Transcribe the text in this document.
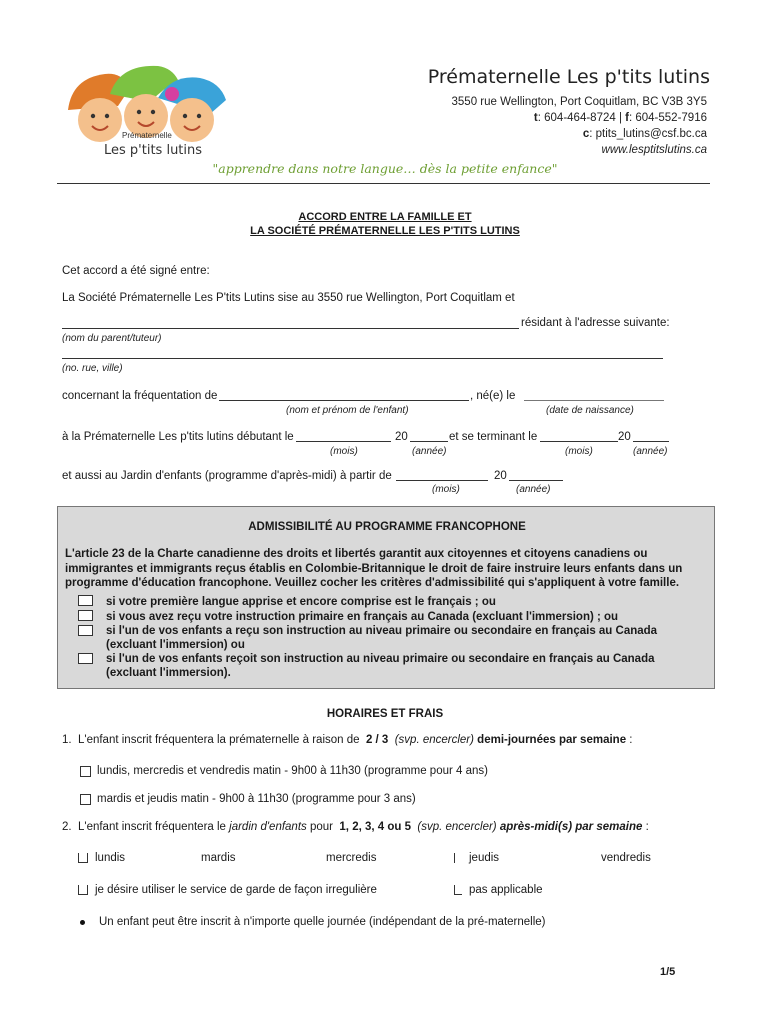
Prématernelle
Les p'tits lutins
Prématernelle Les p'tits lutins
3550 rue Wellington, Port Coquitlam, BC V3B 3Y5
t: 604-464-8724 | f: 604-552-7916
c: ptits_lutins@csf.bc.ca
www.lesptitslutins.ca
"apprendre dans notre langue… dès la petite enfance"
ACCORD ENTRE LA FAMILLE ET
LA SOCIÉTÉ PRÉMATERNELLE LES P'TITS LUTINS
Cet accord a été signé entre:
La Société Prématernelle Les P'tits Lutins sise au 3550 rue Wellington, Port Coquitlam et
résidant à l'adresse suivante:
(nom du parent/tuteur)
(no. rue, ville)
concernant la fréquentation de	, né(e) le
(nom et prénom de l'enfant)	(date de naissance)
à la Prématernelle Les p'tits lutins débutant le	20	et se terminant le	20
(mois)	(année)	(mois)	(année)
et aussi au Jardin d'enfants (programme d'après-midi) à partir de	20
(mois)	(année)
ADMISSIBILITÉ AU PROGRAMME FRANCOPHONE
L'article 23 de la Charte canadienne des droits et libertés garantit aux citoyennes et citoyens canadiens ou immigrantes et immigrants reçus établis en Colombie-Britannique le droit de faire instruire leurs enfants dans un programme d'éducation francophone. Veuillez cocher les critères d'admissibilité qui s'appliquent à votre famille.
si votre première langue apprise et encore comprise est le français ; ou
si vous avez reçu votre instruction primaire en français au Canada (excluant l'immersion) ; ou
si l'un de vos enfants a reçu son instruction au niveau primaire ou secondaire en français au Canada (excluant l'immersion) ou
si l'un de vos enfants reçoit son instruction au niveau primaire ou secondaire en français au Canada (excluant l'immersion).
HORAIRES ET FRAIS
1. L'enfant inscrit fréquentera la prématernelle à raison de 2 / 3 (svp. encercler) demi-journées par semaine :
lundis, mercredis et vendredis matin - 9h00 à 11h30 (programme pour 4 ans)
mardis et jeudis matin - 9h00 à 11h30 (programme pour 3 ans)
2. L'enfant inscrit fréquentera le jardin d'enfants pour 1, 2, 3, 4 ou 5 (svp. encercler) après-midi(s) par semaine :
lundis	mardis	mercredis	jeudis	vendredis
je désire utiliser le service de garde de façon irregulière	pas applicable
Un enfant peut être inscrit à n'importe quelle journée (indépendant de la pré-maternelle)
1/5
